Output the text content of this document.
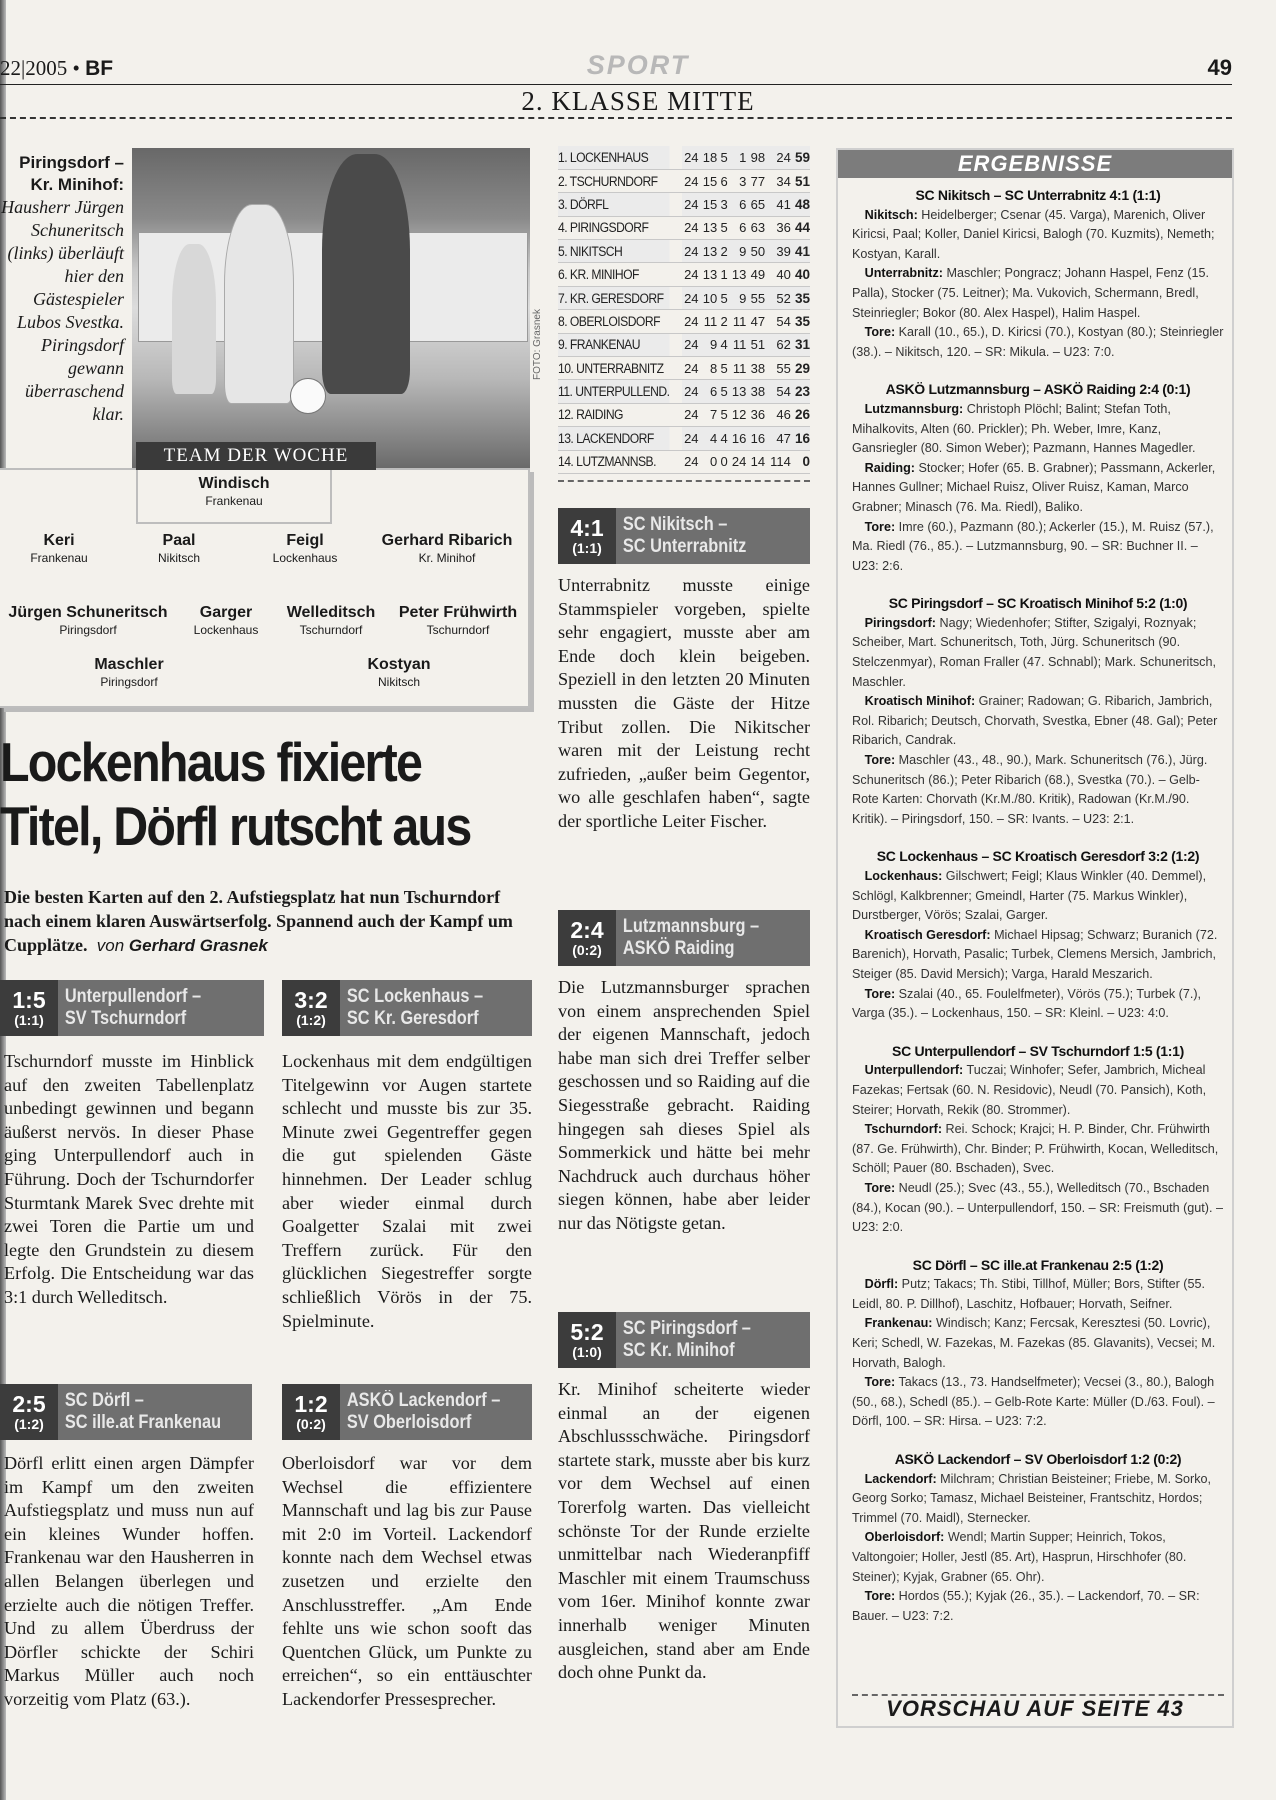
22|2005 • BF	SPORT	49
2. KLASSE MITTE
Piringsdorf – Kr. Minihof:
Hausherr Jürgen Schuneritsch (links) überläuft hier den Gästespieler Lubos Svestka. Piringsdorf gewann überraschend klar.
FOTO: Grasnek
TEAM DER WOCHE
Windisch
Frankenau
Keri
Frankenau
Paal
Nikitsch
Feigl
Lockenhaus
Gerhard Ribarich
Kr. Minihof
Jürgen Schuneritsch
Piringsdorf
Garger
Lockenhaus
Welleditsch
Tschurndorf
Peter Frühwirth
Tschurndorf
Maschler
Piringsdorf
Kostyan
Nikitsch
Lockenhaus fixierte
Titel, Dörfl rutscht aus
Die besten Karten auf den 2. Aufstiegsplatz hat nun Tschurndorf nach einem klaren Auswärtserfolg. Spannend auch der Kampf um Cupplätze. von Gerhard Grasnek
1:5
(1:1)
Unterpullendorf –
SV Tschurndorf
Tschurndorf musste im Hinblick auf den zweiten Tabellenplatz unbedingt gewinnen und begann äußerst nervös. In dieser Phase ging Unterpullendorf auch in Führung. Doch der Tschurndorfer Sturmtank Marek Svec drehte mit zwei Toren die Partie um und legte den Grundstein zu diesem Erfolg. Die Entscheidung war das 3:1 durch Welleditsch.
3:2
(1:2)
SC Lockenhaus –
SC Kr. Geresdorf
Lockenhaus mit dem endgültigen Titelgewinn vor Augen startete schlecht und musste bis zur 35. Minute zwei Gegentreffer gegen die gut spielenden Gäste hinnehmen. Der Leader schlug aber wieder einmal durch Goalgetter Szalai mit zwei Treffern zurück. Für den glücklichen Siegestreffer sorgte schließlich Vörös in der 75. Spielminute.
2:5
(1:2)
SC Dörfl –
SC ille.at Frankenau
Dörfl erlitt einen argen Dämpfer im Kampf um den zweiten Aufstiegsplatz und muss nun auf ein kleines Wunder hoffen. Frankenau war den Hausherren in allen Belangen überlegen und erzielte auch die nötigen Treffer. Und zu allem Überdruss der Dörfler schickte der Schiri Markus Müller auch noch vorzeitig vom Platz (63.).
1:2
(0:2)
ASKÖ Lackendorf –
SV Oberloisdorf
Oberloisdorf war vor dem Wechsel die effizientere Mannschaft und lag bis zur Pause mit 2:0 im Vorteil. Lackendorf konnte nach dem Wechsel etwas zusetzen und erzielte den Anschlusstreffer. „Am Ende fehlte uns wie schon sooft das Quentchen Glück, um Punkte zu erreichen“, so ein enttäuschter Lackendorfer Pressesprecher.
1. LOCKENHAUS	24	18	5	1	98	24	59
2. TSCHURNDORF	24	15	6	3	77	34	51
3. DÖRFL	24	15	3	6	65	41	48
4. PIRINGSDORF	24	13	5	6	63	36	44
5. NIKITSCH	24	13	2	9	50	39	41
6. KR. MINIHOF	24	13	1	13	49	40	40
7. KR. GERESDORF	24	10	5	9	55	52	35
8. OBERLOISDORF	24	11	2	11	47	54	35
9. FRANKENAU	24	9	4	11	51	62	31
10. UNTERRABNITZ	24	8	5	11	38	55	29
11. UNTERPULLEND.	24	6	5	13	38	54	23
12. RAIDING	24	7	5	12	36	46	26
13. LACKENDORF	24	4	4	16	16	47	16
14. LUTZMANNSB.	24	0	0	24	14	114	0
4:1
(1:1)
SC Nikitsch –
SC Unterrabnitz
Unterrabnitz musste einige Stammspieler vorgeben, spielte sehr engagiert, musste aber am Ende doch klein beigeben. Speziell in den letzten 20 Minuten mussten die Gäste der Hitze Tribut zollen. Die Nikitscher waren mit der Leistung recht zufrieden, „außer beim Gegentor, wo alle geschlafen haben“, sagte der sportliche Leiter Fischer.
2:4
(0:2)
Lutzmannsburg –
ASKÖ Raiding
Die Lutzmannsburger sprachen von einem ansprechenden Spiel der eigenen Mannschaft, jedoch habe man sich drei Treffer selber geschossen und so Raiding auf die Siegesstraße gebracht. Raiding hingegen sah dieses Spiel als Sommerkick und hätte bei mehr Nachdruck auch durchaus höher siegen können, habe aber leider nur das Nötigste getan.
5:2
(1:0)
SC Piringsdorf –
SC Kr. Minihof
Kr. Minihof scheiterte wieder einmal an der eigenen Abschlussschwäche. Piringsdorf startete stark, musste aber bis kurz vor dem Wechsel auf einen Torerfolg warten. Das vielleicht schönste Tor der Runde erzielte unmittelbar nach Wiederanpfiff Maschler mit einem Traumschuss vom 16er. Minihof konnte zwar innerhalb weniger Minuten ausgleichen, stand aber am Ende doch ohne Punkt da.
ERGEBNISSE
SC Nikitsch – SC Unterrabnitz 4:1 (1:1)

 Nikitsch: Heidelberger; Csenar (45. Varga), Marenich, Oliver Kiricsi, Paal; Koller, Daniel Kiricsi, Balogh (70. Kuzmits), Nemeth; Kostyan, Karall.

 Unterrabnitz: Maschler; Pongracz; Johann Haspel, Fenz (15. Palla), Stocker (75. Leitner); Ma. Vukovich, Schermann, Bredl, Steinriegler; Bokor (80. Alex Haspel), Halim Haspel.

 Tore: Karall (10., 65.), D. Kiricsi (70.), Kostyan (80.); Steinriegler (38.). – Nikitsch, 120. – SR: Mikula. – U23: 7:0.

ASKÖ Lutzmannsburg – ASKÖ Raiding 2:4 (0:1)

 Lutzmannsburg: Christoph Plöchl; Balint; Stefan Toth, Mihalkovits, Alten (60. Prickler); Ph. Weber, Imre, Kanz, Gansriegler (80. Simon Weber); Pazmann, Hannes Magedler.

 Raiding: Stocker; Hofer (65. B. Grabner); Passmann, Ackerler, Hannes Gullner; Michael Ruisz, Oliver Ruisz, Kaman, Marco Grabner; Minasch (76. Ma. Riedl), Baliko.

 Tore: Imre (60.), Pazmann (80.); Ackerler (15.), M. Ruisz (57.), Ma. Riedl (76., 85.). – Lutzmannsburg, 90. – SR: Buchner II. – U23: 2:6.

SC Piringsdorf – SC Kroatisch Minihof 5:2 (1:0)

 Piringsdorf: Nagy; Wiedenhofer; Stifter, Szigalyi, Roznyak; Scheiber, Mart. Schuneritsch, Toth, Jürg. Schuneritsch (90. Stelczenmyar), Roman Fraller (47. Schnabl); Mark. Schuneritsch, Maschler.

 Kroatisch Minihof: Grainer; Radowan; G. Ribarich, Jambrich, Rol. Ribarich; Deutsch, Chorvath, Svestka, Ebner (48. Gal); Peter Ribarich, Candrak.

 Tore: Maschler (43., 48., 90.), Mark. Schuneritsch (76.), Jürg. Schuneritsch (86.); Peter Ribarich (68.), Svestka (70.). – Gelb-Rote Karten: Chorvath (Kr.M./80. Kritik), Radowan (Kr.M./90. Kritik). – Piringsdorf, 150. – SR: Ivants. – U23: 2:1.

SC Lockenhaus – SC Kroatisch Geresdorf 3:2 (1:2)

 Lockenhaus: Gilschwert; Feigl; Klaus Winkler (40. Demmel), Schlögl, Kalkbrenner; Gmeindl, Harter (75. Markus Winkler), Durstberger, Vörös; Szalai, Garger.

 Kroatisch Geresdorf: Michael Hipsag; Schwarz; Buranich (72. Barenich), Horvath, Pasalic; Turbek, Clemens Mersich, Jambrich, Steiger (85. David Mersich); Varga, Harald Meszarich.

 Tore: Szalai (40., 65. Foulelfmeter), Vörös (75.); Turbek (7.), Varga (35.). – Lockenhaus, 150. – SR: Kleinl. – U23: 4:0.

SC Unterpullendorf – SV Tschurndorf 1:5 (1:1)

 Unterpullendorf: Tuczai; Winhofer; Sefer, Jambrich, Micheal Fazekas; Fertsak (60. N. Residovic), Neudl (70. Pansich), Koth, Steirer; Horvath, Rekik (80. Strommer).

 Tschurndorf: Rei. Schock; Krajci; H. P. Binder, Chr. Frühwirth (87. Ge. Frühwirth), Chr. Binder; P. Frühwirth, Kocan, Welleditsch, Schöll; Pauer (80. Bschaden), Svec.

 Tore: Neudl (25.); Svec (43., 55.), Welleditsch (70., Bschaden (84.), Kocan (90.). – Unterpullendorf, 150. – SR: Freismuth (gut). – U23: 2:0.

SC Dörfl – SC ille.at Frankenau 2:5 (1:2)

 Dörfl: Putz; Takacs; Th. Stibi, Tillhof, Müller; Bors, Stifter (55. Leidl, 80. P. Dillhof), Laschitz, Hofbauer; Horvath, Seifner.

 Frankenau: Windisch; Kanz; Fercsak, Keresztesi (50. Lovric), Keri; Schedl, W. Fazekas, M. Fazekas (85. Glavanits), Vecsei; M. Horvath, Balogh.

 Tore: Takacs (13., 73. Handselfmeter); Vecsei (3., 80.), Balogh (50., 68.), Schedl (85.). – Gelb-Rote Karte: Müller (D./63. Foul). – Dörfl, 100. – SR: Hirsa. – U23: 7:2.

ASKÖ Lackendorf – SV Oberloisdorf 1:2 (0:2)

 Lackendorf: Milchram; Christian Beisteiner; Friebe, M. Sorko, Georg Sorko; Tamasz, Michael Beisteiner, Frantschitz, Hordos; Trimmel (70. Maidl), Sternecker.

 Oberloisdorf: Wendl; Martin Supper; Heinrich, Tokos, Valtongoier; Holler, Jestl (85. Art), Hasprun, Hirschhofer (80. Steiner); Kyjak, Grabner (65. Ohr).

 Tore: Hordos (55.); Kyjak (26., 35.). – Lackendorf, 70. – SR: Bauer. – U23: 7:2.

VORSCHAU AUF SEITE 43
